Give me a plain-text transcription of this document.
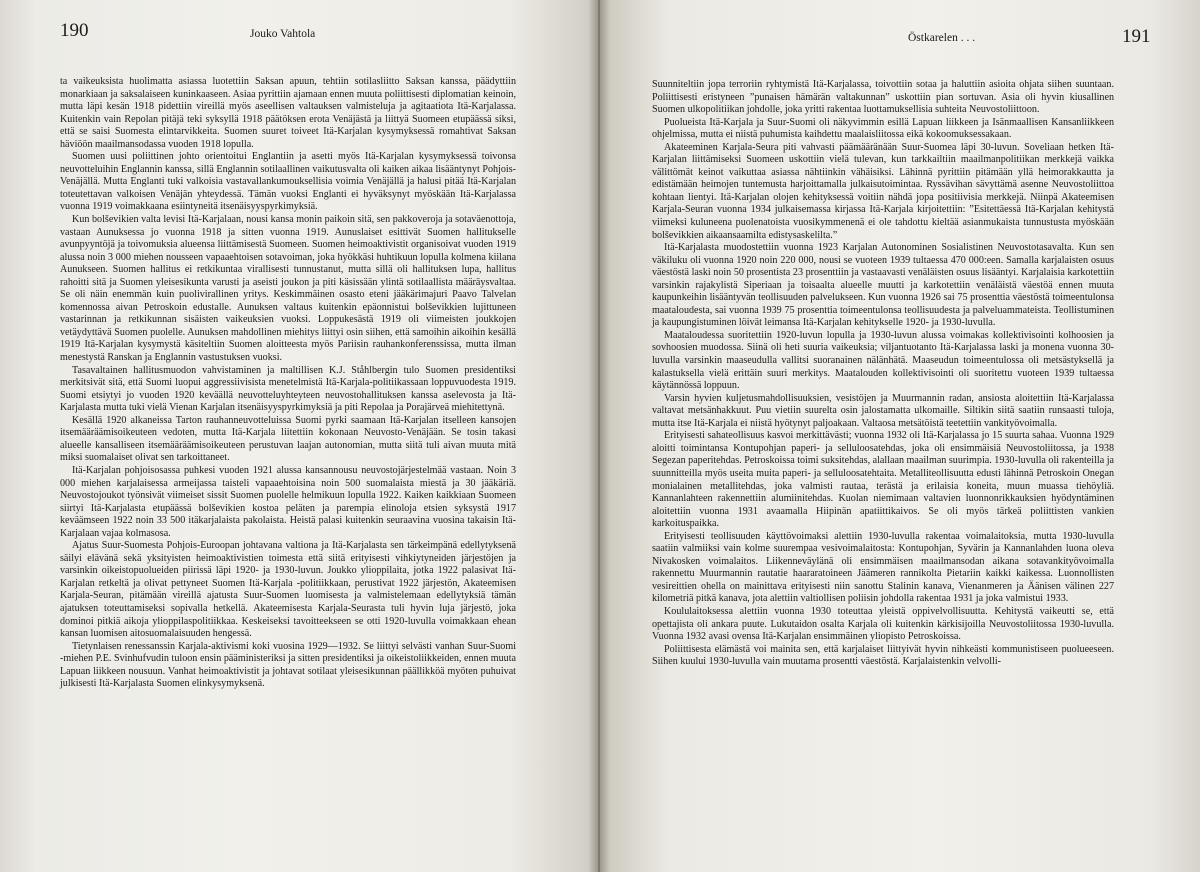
190	Jouko Vahtola

ta vaikeuksista huolimatta asiassa luotettiin Saksan apuun, tehtiin sotilasliitto Saksan kanssa, päädyttiin monarkiaan ja saksalaiseen kuninkaaseen. Asiaa pyrittiin ajamaan ennen muuta poliittisesti diplomatian keinoin, mutta läpi kesän 1918 pidettiin vireillä myös aseellisen valtauksen valmisteluja ja agitaatiota Itä-Karjalassa. Kuitenkin vain Repolan pitäjä teki syksyllä 1918 päätöksen erota Venäjästä ja liittyä Suomeen etupäässä siksi, että se saisi Suomesta elintarvikkeita. Suomen suuret toiveet Itä-Karjalan kysymyksessä romahtivat Saksan häviöön maailmansodassa vuoden 1918 lopulla.

Suomen uusi poliittinen johto orientoitui Englantiin ja asetti myös Itä-Karjalan kysymyksessä toivonsa neuvotteluihin Englannin kanssa, sillä Englannin sotilaallinen vaikutusvalta oli kaiken aikaa lisääntynyt Pohjois-Venäjällä. Mutta Englanti tuki valkoisia vastavallankumouksellisia voimia Venäjällä ja halusi pitää Itä-Karjalan toteutettavan valkoisen Venäjän yhteydessä. Tämän vuoksi Englanti ei hyväksynyt myöskään Itä-Karjalassa vuonna 1919 voimakkaana esiintyneitä itsenäisyyspyrkimyksiä.

Kun bolševikien valta levisi Itä-Karjalaan, nousi kansa monin paikoin sitä, sen pakkoveroja ja sotaväenottoja, vastaan Aunuksessa jo vuonna 1918 ja sitten vuonna 1919. Aunuslaiset esittivät Suomen hallitukselle avunpyyntöjä ja toivomuksia alueensa liittämisestä Suomeen. Suomen heimoaktivistit organisoivat vuoden 1919 alussa noin 3 000 miehen nousseen vapaaehtoisen sotavoiman, joka hyökkäsi huhtikuun lopulla kolmena kiilana Aunukseen. Suomen hallitus ei retkikuntaa virallisesti tunnustanut, mutta sillä oli hallituksen lupa, hallitus rahoitti sitä ja Suomen yleisesikunta varusti ja aseisti joukon ja piti käsissään ylintä sotilaallista määräysvaltaa. Se oli näin enemmän kuin puolivirallinen yritys. Keskimmäinen osasto eteni jääkärimajuri Paavo Talvelan komennossa aivan Petroskoin edustalle. Aunuksen valtaus kuitenkin epäonnistui bolševikkien lujittuneen vastarinnan ja retkikunnan sisäisten vaikeuksien vuoksi. Loppukesästä 1919 oli viimeisten joukkojen vetäydyttävä Suomen puolelle. Aunuksen mahdollinen miehitys liittyi osin siihen, että samoihin aikoihin kesällä 1919 Itä-Karjalan kysymystä käsiteltiin Suomen aloitteesta myös Pariisin rauhankonferenssissa, mutta ilman menestystä Ranskan ja Englannin vastustuksen vuoksi.

Tasavaltainen hallitusmuodon vahvistaminen ja maltillisen K.J. Ståhlbergin tulo Suomen presidentiksi merkitsivät sitä, että Suomi luopui aggressiivisista menetelmistä Itä-Karjala-politiikassaan loppuvuodesta 1919. Suomi etsiytyi jo vuoden 1920 keväällä neuvotteluyhteyteen neuvostohallituksen kanssa aselevosta ja Itä-Karjalasta mutta tuki vielä Vienan Karjalan itsenäisyyspyrkimyksiä ja piti Repolaa ja Porajärveä miehitettynä.

Kesällä 1920 alkaneissa Tarton rauhanneuvotteluissa Suomi pyrki saamaan Itä-Karjalan itselleen kansojen itsemääräämisoikeuteen vedoten, mutta Itä-Karjala liitettiin kokonaan Neuvosto-Venäjään. Se tosin takasi alueelle kansalliseen itsemääräämisoikeuteen perustuvan laajan autonomian, mutta siitä tuli aivan muuta mitä miksi suomalaiset olivat sen tarkoittaneet.

Itä-Karjalan pohjoisosassa puhkesi vuoden 1921 alussa kansannousu neuvostojärjestelmää vastaan. Noin 3 000 miehen karjalaisessa armeijassa taisteli vapaaehtoisina noin 500 suomalaista miestä ja 30 jääkäriä. Neuvostojoukot työnsivät viimeiset sissit Suomen puolelle helmikuun lopulla 1922. Kaiken kaikkiaan Suomeen siirtyi Itä-Karjalasta etupäässä bolševikien kostoa peläten ja parempia elinoloja etsien syksystä 1917 keväämseen 1922 noin 33 500 itäkarjalaista pakolaista. Heistä palasi kuitenkin seuraavina vuosina takaisin Itä-Karjalaan vajaa kolmasosa.

Ajatus Suur-Suomesta Pohjois-Euroopan johtavana valtiona ja Itä-Karjalasta sen tärkeimpänä edellytyksenä säilyi elävänä sekä yksityisten heimoaktivistien toimesta että siitä erityisesti vihkiytyneiden järjestöjen ja varsinkin oikeistopuolueiden piirissä läpi 1920- ja 1930-luvun. Joukko ylioppilaita, jotka 1922 palasivat Itä-Karjalan retkeltä ja olivat pettyneet Suomen Itä-Karjala -politiikkaan, perustivat 1922 järjestön, Akateemisen Karjala-Seuran, pitämään vireillä ajatusta Suur-Suomen luomisesta ja valmistelemaan edellytyksiä tämän ajatuksen toteuttamiseksi sopivalla hetkellä. Akateemisesta Karjala-Seurasta tuli hyvin luja järjestö, joka dominoi pitkiä aikoja ylioppilaspolitiikkaa. Keskeiseksi tavoitteekseen se otti 1920-luvulla voimakkaan ehean kansan luomisen aitosuomalaisuuden hengessä.

Tietynlaisen renessanssin Karjala-aktivismi koki vuosina 1929—1932. Se liittyi selvästi vanhan Suur-Suomi -miehen P.E. Svinhufvudin tuloon ensin pääministeriksi ja sitten presidentiksi ja oikeistoliikkeiden, ennen muuta Lapuan liikkeen nousuun. Vanhat heimoaktivistit ja johtavat sotilaat yleisesikunnan päällikköä myöten puhuivat julkisesti Itä-Karjalasta Suomen elinkysymyksenä.

Östkarelen . . .	191

Suunniteltiin jopa terroriin ryhtymistä Itä-Karjalassa, toivottiin sotaa ja haluttiin asioita ohjata siihen suuntaan. Poliittisesti eristyneen ”punaisen hämärän valtakunnan” uskottiin pian sortuvan. Asia oli hyvin kiusallinen Suomen ulkopolitiikan johdolle, joka yritti rakentaa luottamuksellisia suhteita Neuvostoliittoon.

Puolueista Itä-Karjala ja Suur-Suomi oli näkyvimmin esillä Lapuan liikkeen ja Isänmaallisen Kansanliikkeen ohjelmissa, mutta ei niistä puhumista kaihdettu maalaisliitossa eikä kokoomuksessakaan.

Akateeminen Karjala-Seura piti vahvasti päämääränään Suur-Suomea läpi 30-luvun. Soveliaan hetken Itä-Karjalan liittämiseksi Suomeen uskottiin vielä tulevan, kun tarkkailtiin maailmanpolitiikan merkkejä vaikka välittömät keinot vaikuttaa asiassa nähtiinkin vähäisiksi. Lähinnä pyrittiin pitämään yllä heimorakkautta ja edistämään heimojen tuntemusta harjoittamalla julkaisutoimintaa. Ryssävihan sävyttämä asenne Neuvostoliittoa kohtaan lientyi. Itä-Karjalan olojen kehityksessä voitiin nähdä jopa positiivisia merkkejä. Niinpä Akateemisen Karjala-Seuran vuonna 1934 julkaisemassa kirjassa Itä-Karjala kirjoitettiin: ”Esitettäessä Itä-Karjalan kehitystä viimeksi kuluneena puolenatoista vuosikymmenenä ei ole tahdottu kieltää asianmukaista tunnustusta myöskään bolševikkien aikaansaamilta edistysaskelilta.”

Itä-Karjalasta muodostettiin vuonna 1923 Karjalan Autonominen Sosialistinen Neuvostotasavalta. Kun sen väkiluku oli vuonna 1920 noin 220 000, nousi se vuoteen 1939 tultaessa 470 000:een. Samalla karjalaisten osuus väestöstä laski noin 50 prosentista 23 prosenttiin ja vastaavasti venäläisten osuus lisääntyi. Karjalaisia karkotettiin varsinkin rajakylistä Siperiaan ja toisaalta alueelle muutti ja karkotettiin venäläistä väestöä ennen muuta kaupunkeihin lisääntyvän teollisuuden palvelukseen. Kun vuonna 1926 sai 75 prosenttia väestöstä toimeentulonsa maataloudesta, sai vuonna 1939 75 prosenttia toimeentulonsa teollisuudesta ja palveluammateista. Teollistuminen ja kaupungistuminen löivät leimansa Itä-Karjalan kehitykselle 1920- ja 1930-luvulla.

Maataloudessa suoritettiin 1920-luvun lopulla ja 1930-luvun alussa voimakas kollektivisointi kolhoosien ja sovhoosien muodossa. Siinä oli heti suuria vaikeuksia; viljantuotanto Itä-Karjalassa laski ja monena vuonna 30-luvulla varsinkin maaseudulla vallitsi suoranainen nälänhätä. Maaseudun toimeentulossa oli metsästyksellä ja kalastuksella vielä erittäin suuri merkitys. Maatalouden kollektivisointi oli suoritettu vuoteen 1939 tultaessa käytännössä loppuun.

Varsin hyvien kuljetusmahdollisuuksien, vesistöjen ja Muurmannin radan, ansiosta aloitettiin Itä-Karjalassa valtavat metsänhakkuut. Puu vietiin suurelta osin jalostamatta ulkomaille. Siltikin siitä saatiin runsaasti tuloja, mutta itse Itä-Karjala ei niistä hyötynyt paljoakaan. Valtaosa metsätöistä teetettiin vankityövoimalla.

Erityisesti sahateollisuus kasvoi merkittävästi; vuonna 1932 oli Itä-Karjalassa jo 15 suurta sahaa. Vuonna 1929 aloitti toimintansa Kontupohjan paperi- ja selluloosatehdas, joka oli ensimmäisiä Neuvostoliitossa, ja 1938 Segezan paperitehdas. Petroskoissa toimi suksitehdas, alallaan maailman suurimpia. 1930-luvulla oli rakenteilla ja suunnitteilla myös useita muita paperi- ja selluloosatehtaita. Metalliteollisuutta edusti lähinnä Petroskoin Onegan monialainen metallitehdas, joka valmisti rautaa, terästä ja erilaisia koneita, muun muassa tiehöyliä. Kannanlahteen rakennettiin alumiinitehdas. Kuolan niemimaan valtavien luonnonrikkauksien hyödyntäminen aloitettiin vuonna 1931 avaamalla Hiipinän apatiittikaivos. Se oli myös tärkeä poliittisten vankien karkoituspaikka.

Erityisesti teollisuuden käyttövoimaksi alettiin 1930-luvulla rakentaa voimalaitoksia, mutta 1930-luvulla saatiin valmiiksi vain kolme suurempaa vesivoimalaitosta: Kontupohjan, Syvärin ja Kannanlahden luona oleva Nivakosken voimalaitos. Liikenneväylänä oli ensimmäisen maailmansodan aikana sotavankityövoimalla rakennettu Muurmannin rautatie haararatoineen Jäämeren rannikolta Pietariin kaikki kaikessa. Luonnollisten vesireittien ohella on mainittava erityisesti niin sanottu Stalinin kanava, Vienanmeren ja Äänisen välinen 227 kilometriä pitkä kanava, jota alettiin valtiollisen poliisin johdolla rakentaa 1931 ja joka valmistui 1933.

Koululaitoksessa alettiin vuonna 1930 toteuttaa yleistä oppivelvollisuutta. Kehitystä vaikeutti se, että opettajista oli ankara puute. Lukutaidon osalta Karjala oli kuitenkin kärkisijoilla Neuvostoliitossa 1930-luvulla. Vuonna 1932 avasi ovensa Itä-Karjalan ensimmäinen yliopisto Petroskoissa.

Poliittisesta elämästä voi mainita sen, että karjalaiset liittyivät hyvin nihkeästi kommunistiseen puolueeseen. Siihen kuului 1930-luvulla vain muutama prosentti väestöstä. Karjalaistenkin velvolli-
